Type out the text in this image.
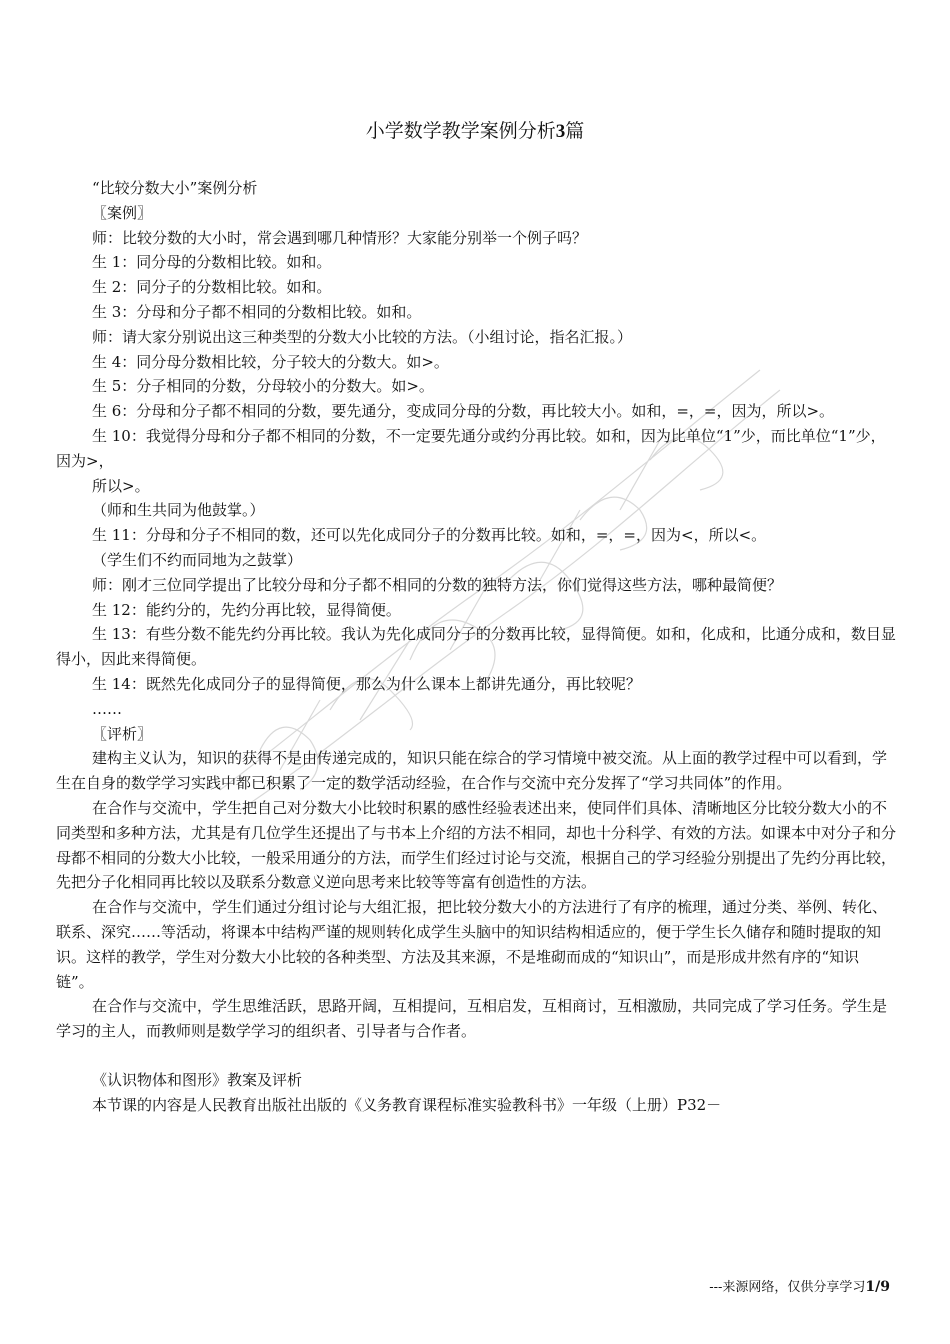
小学数学教学案例分析3篇

“比较分数大小”案例分析

〖案例〗

师：比较分数的大小时，常会遇到哪几种情形？大家能分别举一个例子吗？

生 1：同分母的分数相比较。如和。

生 2：同分子的分数相比较。如和。

生 3：分母和分子都不相同的分数相比较。如和。

师：请大家分别说出这三种类型的分数大小比较的方法。（小组讨论，指名汇报。）

生 4：同分母分数相比较，分子较大的分数大。如>。

生 5：分子相同的分数，分母较小的分数大。如>。

生 6：分母和分子都不相同的分数，要先通分，变成同分母的分数，再比较大小。如和，=，=，因为，所以>。

生 10：我觉得分母和分子都不相同的分数，不一定要先通分或约分再比较。如和，因为比单位“1”少，而比单位“1”少，因为>，

所以>。

（师和生共同为他鼓掌。）

生 11：分母和分子不相同的数，还可以先化成同分子的分数再比较。如和，=，=，因为<，所以<。

（学生们不约而同地为之鼓掌）

师：刚才三位同学提出了比较分母和分子都不相同的分数的独特方法，你们觉得这些方法，哪种最简便？

生 12：能约分的，先约分再比较，显得简便。

生 13：有些分数不能先约分再比较。我认为先化成同分子的分数再比较，显得简便。如和，化成和，比通分成和，数目显得小，因此来得简便。

生 14：既然先化成同分子的显得简便，那么为什么课本上都讲先通分，再比较呢？

……

〖评析〗

建构主义认为，知识的获得不是由传递完成的，知识只能在综合的学习情境中被交流。从上面的教学过程中可以看到，学生在自身的数学学习实践中都已积累了一定的数学活动经验，在合作与交流中充分发挥了“学习共同体”的作用。

在合作与交流中，学生把自己对分数大小比较时积累的感性经验表述出来，使同伴们具体、清晰地区分比较分数大小的不同类型和多种方法，尤其是有几位学生还提出了与书本上介绍的方法不相同，却也十分科学、有效的方法。如课本中对分子和分母都不相同的分数大小比较，一般采用通分的方法，而学生们经过讨论与交流，根据自己的学习经验分别提出了先约分再比较，先把分子化相同再比较以及联系分数意义逆向思考来比较等等富有创造性的方法。

在合作与交流中，学生们通过分组讨论与大组汇报，把比较分数大小的方法进行了有序的梳理，通过分类、举例、转化、联系、深究……等活动，将课本中结构严谨的规则转化成学生头脑中的知识结构相适应的，便于学生长久储存和随时提取的知识。这样的教学，学生对分数大小比较的各种类型、方法及其来源，不是堆砌而成的“知识山”，而是形成井然有序的“知识链”。

在合作与交流中，学生思维活跃，思路开阔，互相提问，互相启发，互相商讨，互相激励，共同完成了学习任务。学生是学习的主人，而教师则是数学学习的组织者、引导者与合作者。

《认识物体和图形》教案及评析

本节课的内容是人民教育出版社出版的《义务教育课程标准实验教科书》一年级（上册）P32－

---来源网络，仅供分享学习1/9
